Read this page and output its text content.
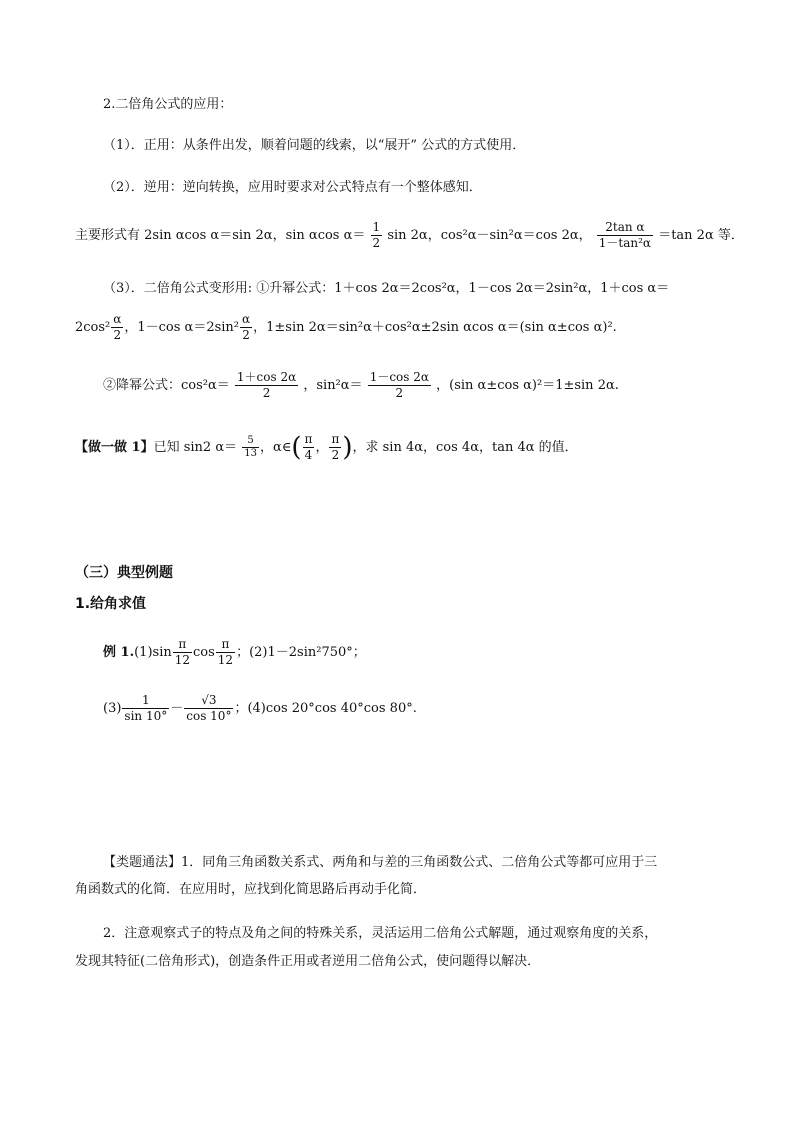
2.二倍角公式的应用：
（1）．正用：从条件出发，顺着问题的线索，以“展开” 公式的方式使用．
（2）．逆用：逆向转换，应用时要求对公式特点有一个整体感知．
主要形式有 2sin αcos α＝sin 2α，sin αcos $\alpha= \frac{1}{2}$ sin 2α，cos²α－sin²α＝cos 2α， $\frac{\text{2tan α}}{\text{1－tan²α}} =\tan$ 2α 等．
（3）．二倍角公式变形用: ①升幂公式：1＋cos 2α＝2cos²α，1－cos 2α＝2sin²α，1＋cos α＝
$2\cos^2 \frac{\alpha}{2}$ ，1－cos $\alpha=2\sin^2 \frac{\alpha}{2}$ ，1±sin 2α＝sin²α＋cos²α±2sin αcos α＝(sin α±cos α)².
②降幂公式：$\cos^2\alpha= \frac{1+\cos 2\alpha}{2}$ ，$\sin^2\alpha= \frac{1-\cos 2\alpha}{2}$ ，(sin α±cos α)²＝1±sin 2α.
【做一做 1】已知 sin2 $\alpha= \frac{5}{13}$ ，α∈( $\frac{\pi}{4}$ ， $\frac{\pi}{2}$ )，求 sin 4α，cos 4α，tan 4α 的值．
（三）典型例题
1.给角求值
例 $1.(1)\sin \frac{\pi}{12}$ $\cos \frac{\pi}{12}$ ；(2)1－2sin²750°；
$(3) \frac{1}{\sin 10^\circ} - \frac{√3}{\cos 10^\circ}$ ；(4)cos 20°cos 40°cos 80°.
【类题通法】1．同角三角函数关系式、两角和与差的三角函数公式、二倍角公式等都可应用于三
角函数式的化简．在应用时，应找到化简思路后再动手化简．
2．注意观察式子的特点及角之间的特殊关系，灵活运用二倍角公式解题，通过观察角度的关系，
发现其特征(二倍角形式)，创造条件正用或者逆用二倍角公式，使问题得以解决．
